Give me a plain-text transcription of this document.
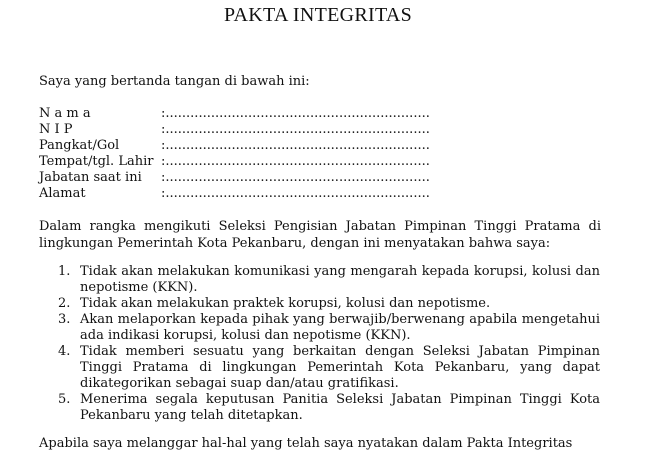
PAKTA INTEGRITAS
Saya yang bertanda tangan di bawah ini:
N a m a	:................................................................
N I P	:................................................................
Pangkat/Gol	:................................................................
Tempat/tgl. Lahir :................................................................
Jabatan saat ini	:................................................................
Alamat	:................................................................
Dalam rangka mengikuti Seleksi Pengisian Jabatan Pimpinan Tinggi Pratama di lingkungan Pemerintah Kota Pekanbaru, dengan ini menyatakan bahwa saya:
1. Tidak akan melakukan komunikasi yang mengarah kepada korupsi, kolusi dan nepotisme (KKN).
2. Tidak akan melakukan praktek korupsi, kolusi dan nepotisme.
3. Akan melaporkan kepada pihak yang berwajib/berwenang apabila mengetahui ada indikasi korupsi, kolusi dan nepotisme (KKN).
4. Tidak memberi sesuatu yang berkaitan dengan Seleksi Jabatan Pimpinan Tinggi Pratama di lingkungan Pemerintah Kota Pekanbaru, yang dapat dikategorikan sebagai suap dan/atau gratifikasi.
5. Menerima segala keputusan Panitia Seleksi Jabatan Pimpinan Tinggi Kota Pekanbaru yang telah ditetapkan.
Apabila saya melanggar hal-hal yang telah saya nyatakan dalam Pakta Integritas
